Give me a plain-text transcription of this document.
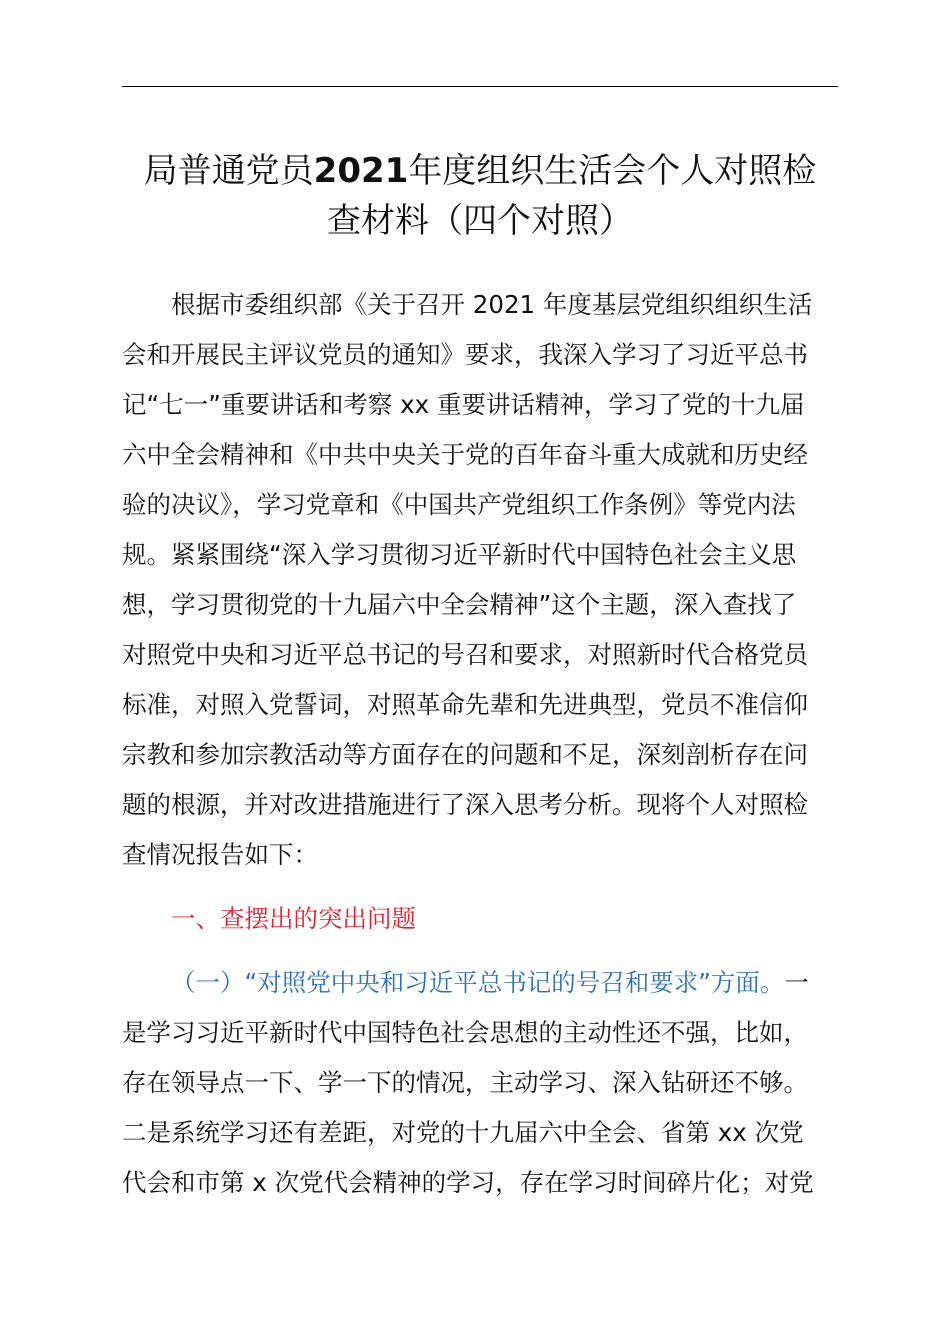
局普通党员2021年度组织生活会个人对照检
查材料（四个对照）
根据市委组织部《关于召开 2021 年度基层党组织组织生活
会和开展民主评议党员的通知》要求，我深入学习了习近平总书
记“七一”重要讲话和考察 xx 重要讲话精神，学习了党的十九届
六中全会精神和《中共中央关于党的百年奋斗重大成就和历史经
验的决议》，学习党章和《中国共产党组织工作条例》等党内法
规。紧紧围绕“深入学习贯彻习近平新时代中国特色社会主义思
想，学习贯彻党的十九届六中全会精神”这个主题，深入查找了
对照党中央和习近平总书记的号召和要求，对照新时代合格党员
标准，对照入党誓词，对照革命先辈和先进典型，党员不准信仰
宗教和参加宗教活动等方面存在的问题和不足，深刻剖析存在问
题的根源，并对改进措施进行了深入思考分析。现将个人对照检
查情况报告如下：
一、查摆出的突出问题
（一）“对照党中央和习近平总书记的号召和要求”方面。一
是学习习近平新时代中国特色社会思想的主动性还不强，比如，
存在领导点一下、学一下的情况，主动学习、深入钻研还不够。
二是系统学习还有差距，对党的十九届六中全会、省第 xx 次党
代会和市第 x 次党代会精神的学习，存在学习时间碎片化；对党
